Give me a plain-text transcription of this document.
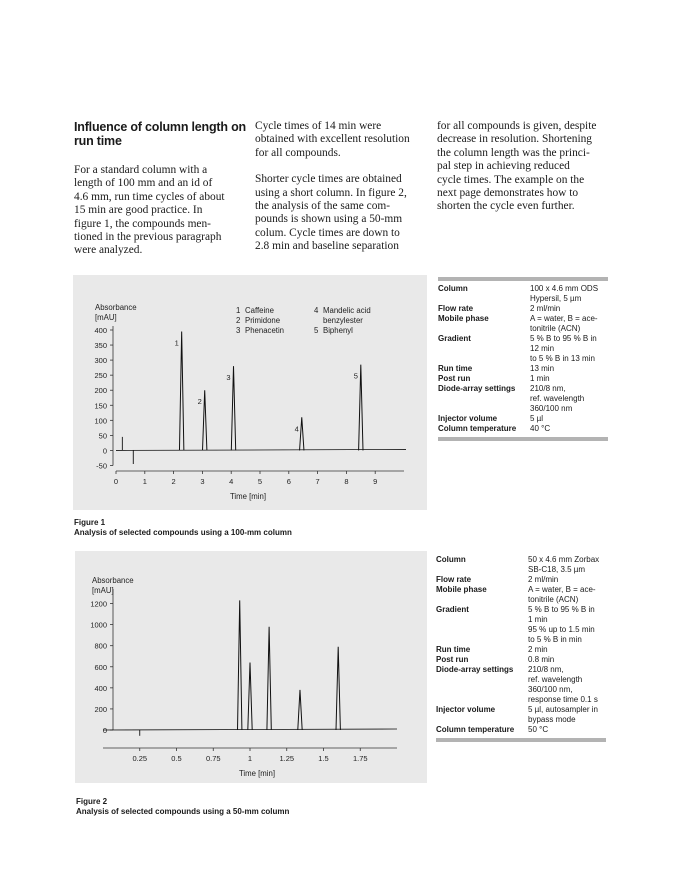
Influence of column length on
run time

For a standard column with a
length of 100 mm and an id of
4.6 mm, run time cycles of about
15 min are good practice. In
figure 1, the compounds men-
tioned in the previous paragraph
were analyzed.

Cycle times of 14 min were
obtained with excellent resolution
for all compounds.

Shorter cycle times are obtained
using a short column. In figure 2,
the analysis of the same com-
pounds is shown using a 50-mm
colum. Cycle times are down to
2.8 min and baseline separation

for all compounds is given, despite
decrease in resolution. Shortening
the column length was the princi-
pal step in achieving reduced
cycle times. The example on the
next page demonstrates how to
shorten the cycle even further.

-50
0
50
100
150
200
250
300
350
400
0	1	2	3	4	5	6	7	8	9
Absorbance
[mAU]
Time [min]
1
2
3
4
5
1 Caffeine
2 Primidone
3 Phenacetin
4 Mandelic acid
benzylester
5 Biphenyl
Column	100 x 4.6 mm ODS
Hypersil, 5 µm
Flow rate	2 ml/min
Mobile phase	A = water, B = ace-
tonitrile (ACN)
Gradient	5 % B to 95 % B in
12 min
to 5 % B in 13 min
Run time	13 min
Post run	1 min
Diode-array settings	210/8 nm,
ref. wavelength
360/100 nm
Injector volume	5 µl
Column temperature	40 °C
Figure 1
Analysis of selected compounds using a 100-mm column
0
200
400
600
800
1000
1200
0.25	0.5	0.75	1	1.25	1.5	1.75
Absorbance
[mAU]
Time [min]
Column	50 x 4.6 mm Zorbax
SB-C18, 3.5 µm
Flow rate	2 ml/min
Mobile phase	A = water, B = ace-
tonitrile (ACN)
Gradient	5 % B to 95 % B in
1 min
95 % up to 1.5 min
to 5 % B in min
Run time	2 min
Post run	0.8 min
Diode-array settings	210/8 nm,
ref. wavelength
360/100 nm,
response time 0.1 s
Injector volume	5 µl, autosampler in
bypass mode
Column temperature	50 °C
Figure 2
Analysis of selected compounds using a 50-mm column
